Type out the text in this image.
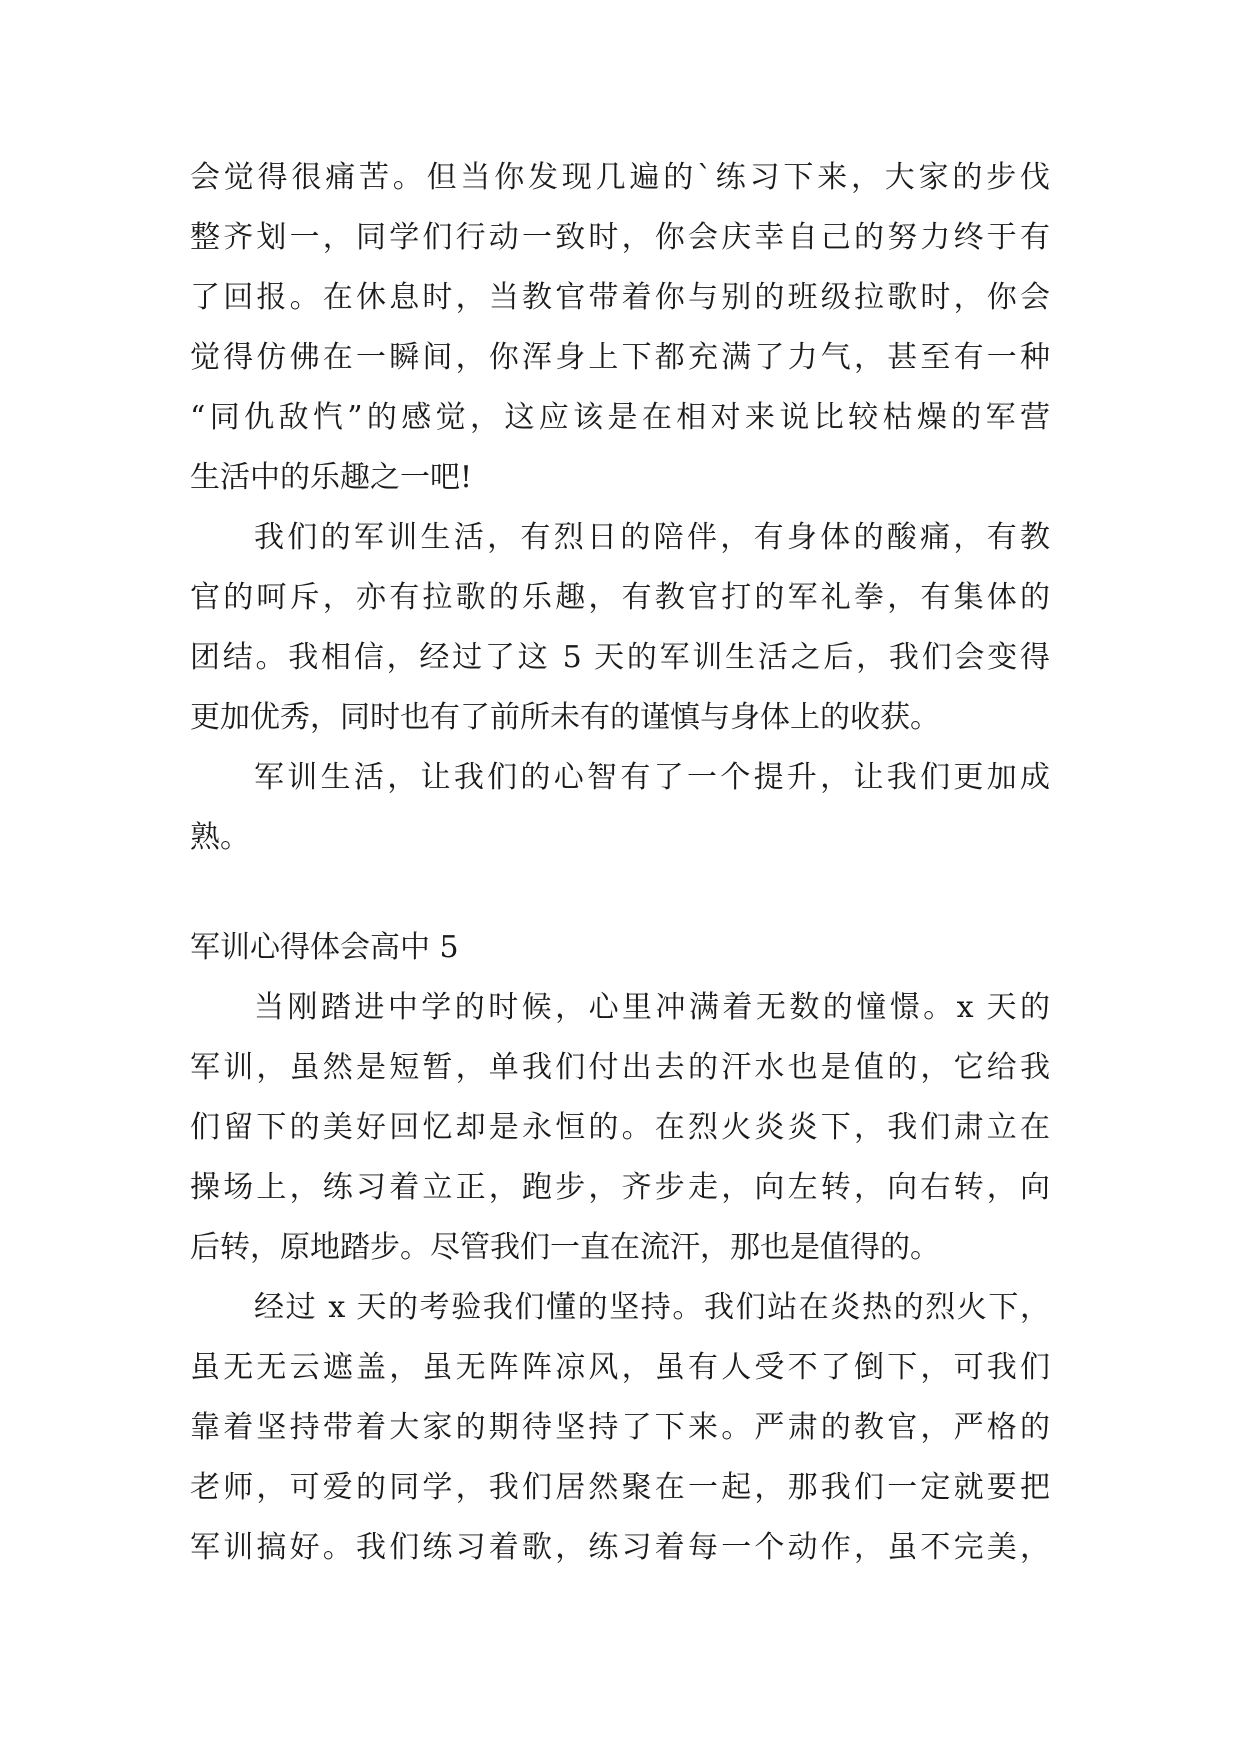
会觉得很痛苦。但当你发现几遍的`练习下来，大家的步伐
整齐划一，同学们行动一致时，你会庆幸自己的努力终于有
了回报。在休息时，当教官带着你与别的班级拉歌时，你会
觉得仿佛在一瞬间，你浑身上下都充满了力气，甚至有一种
“同仇敌忾”的感觉，这应该是在相对来说比较枯燥的军营
生活中的乐趣之一吧!
我们的军训生活，有烈日的陪伴，有身体的酸痛，有教
官的呵斥，亦有拉歌的乐趣，有教官打的军礼拳，有集体的
团结。我相信，经过了这 5 天的军训生活之后，我们会变得
更加优秀，同时也有了前所未有的谨慎与身体上的收获。
军训生活，让我们的心智有了一个提升，让我们更加成
熟。
军训心得体会高中 5
当刚踏进中学的时候，心里冲满着无数的憧憬。x 天的
军训，虽然是短暂，单我们付出去的汗水也是值的，它给我
们留下的美好回忆却是永恒的。在烈火炎炎下，我们肃立在
操场上，练习着立正，跑步，齐步走，向左转，向右转，向
后转，原地踏步。尽管我们一直在流汗，那也是值得的。
经过 x 天的考验我们懂的坚持。我们站在炎热的烈火下，
虽无无云遮盖，虽无阵阵凉风，虽有人受不了倒下，可我们
靠着坚持带着大家的期待坚持了下来。严肃的教官，严格的
老师，可爱的同学，我们居然聚在一起，那我们一定就要把
军训搞好。我们练习着歌，练习着每一个动作，虽不完美，
